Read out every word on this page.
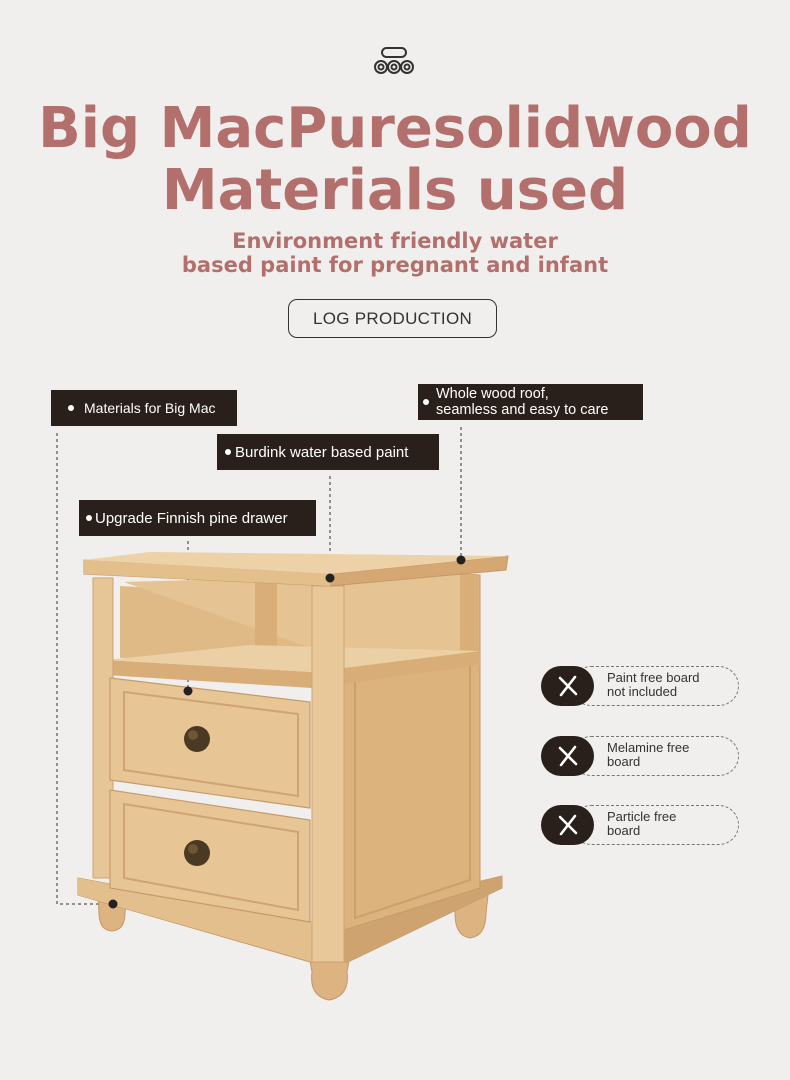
Big MacPuresolidwood
Materials used
Environment friendly water
based paint for pregnant and infant
LOG PRODUCTION
Materials for Big Mac
Whole wood roof,
seamless and easy to care
Burdink water based paint
Upgrade Finnish pine drawer
Paint free board
not included
Melamine free
board
Particle free
board
